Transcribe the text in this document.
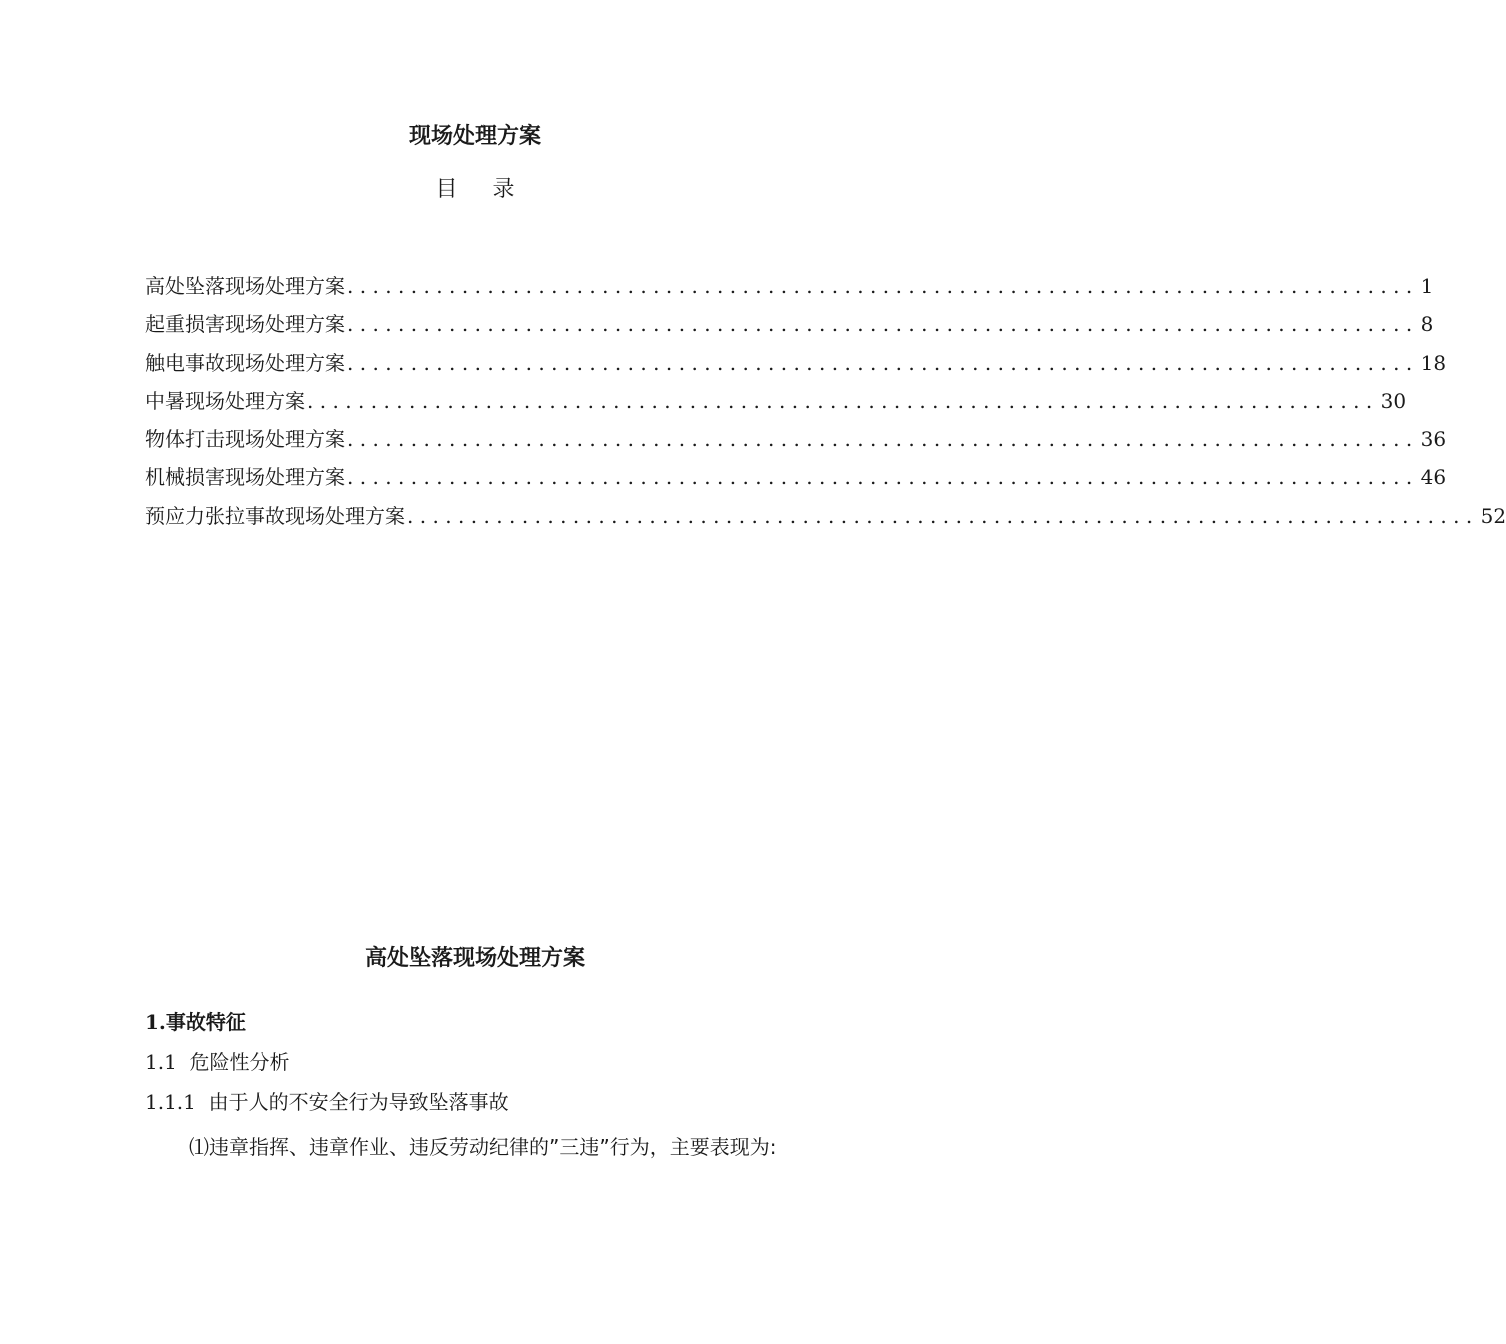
现场处理方案
目 录
高处坠落现场处理方案 .................................................................................... 1
起重损害现场处理方案 .................................................................................... 8
触电事故现场处理方案 .................................................................................... 18
中暑现场处理方案 .................................................................................... 30
物体打击现场处理方案 .................................................................................... 36
机械损害现场处理方案 .................................................................................... 46
预应力张拉事故现场处理方案 .................................................................................... 52
高处坠落现场处理方案
1.事故特征
1.1 危险性分析
1.1.1 由于人的不安全行为导致坠落事故
⑴违章指挥、违章作业、违反劳动纪律的”三违”行为，主要表现为:
